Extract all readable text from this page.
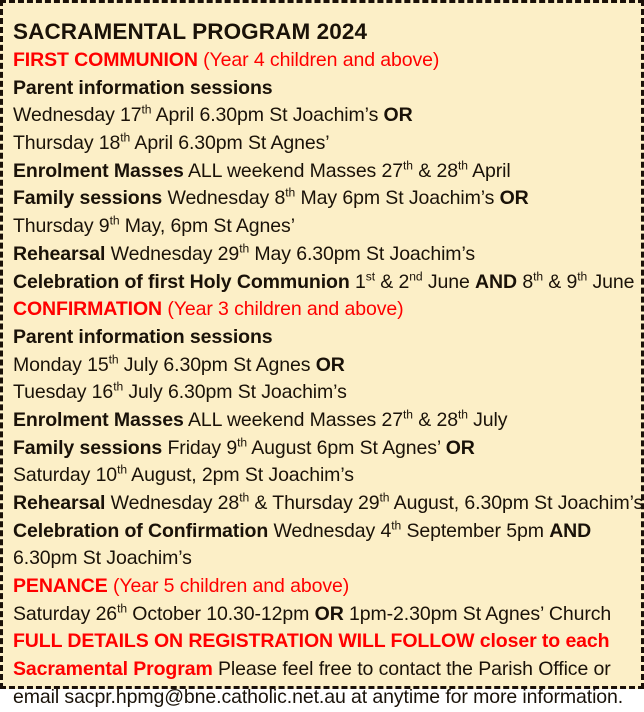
SACRAMENTAL PROGRAM 2024
FIRST COMMUNION (Year 4 children and above)
Parent information sessions
Wednesday 17th April 6.30pm St Joachim’s OR
Thursday 18th April 6.30pm St Agnes’
Enrolment Masses ALL weekend Masses 27th & 28th April
Family sessions Wednesday 8th May 6pm St Joachim’s OR
Thursday 9th May, 6pm St Agnes’
Rehearsal Wednesday 29th May 6.30pm St Joachim’s
Celebration of first Holy Communion 1st & 2nd June AND 8th & 9th June
CONFIRMATION (Year 3 children and above)
Parent information sessions
Monday 15th July 6.30pm St Agnes OR
Tuesday 16th July 6.30pm St Joachim’s
Enrolment Masses ALL weekend Masses 27th & 28th July
Family sessions Friday 9th August 6pm St Agnes’ OR
Saturday 10th August, 2pm St Joachim’s
Rehearsal Wednesday 28th & Thursday 29th August, 6.30pm St Joachim’s
Celebration of Confirmation Wednesday 4th September 5pm AND
6.30pm St Joachim’s
PENANCE (Year 5 children and above)
Saturday 26th October 10.30-12pm OR 1pm-2.30pm St Agnes’ Church
FULL DETAILS ON REGISTRATION WILL FOLLOW closer to each
Sacramental Program Please feel free to contact the Parish Office or
email sacpr.hpmg@bne.catholic.net.au at anytime for more information.
